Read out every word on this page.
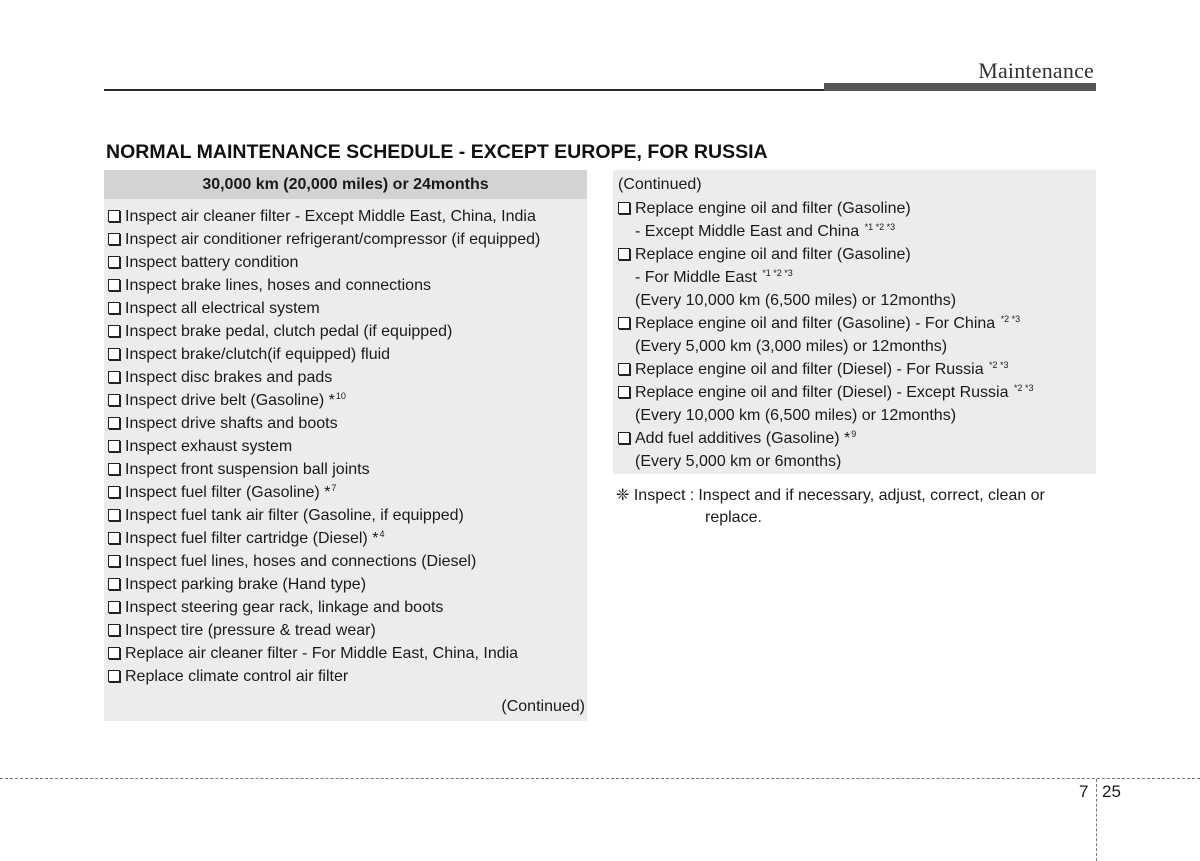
Maintenance
NORMAL MAINTENANCE SCHEDULE - EXCEPT EUROPE, FOR RUSSIA
30,000 km (20,000 miles) or 24months
Inspect air cleaner filter - Except Middle East, China, India
Inspect air conditioner refrigerant/compressor (if equipped)
Inspect battery condition
Inspect brake lines, hoses and connections
Inspect all electrical system
Inspect brake pedal, clutch pedal (if equipped)
Inspect brake/clutch(if equipped) fluid
Inspect disc brakes and pads
Inspect drive belt (Gasoline) *$^{10}$
Inspect drive shafts and boots
Inspect exhaust system
Inspect front suspension ball joints
Inspect fuel filter (Gasoline) *$^7$
Inspect fuel tank air filter (Gasoline, if equipped)
Inspect fuel filter cartridge (Diesel) *$^4$
Inspect fuel lines, hoses and connections (Diesel)
Inspect parking brake (Hand type)
Inspect steering gear rack, linkage and boots
Inspect tire (pressure & tread wear)
Replace air cleaner filter - For Middle East, China, India
Replace climate control air filter
(Continued)
(Continued)
Replace engine oil and filter (Gasoline)
- Except Middle East and China $^{*1 *2 *3}$
Replace engine oil and filter (Gasoline)
- For Middle East $^{*1 *2 *3}$
(Every 10,000 km (6,500 miles) or 12months)
Replace engine oil and filter (Gasoline) - For China $^{*2 *3}$
(Every 5,000 km (3,000 miles) or 12months)
Replace engine oil and filter (Diesel) - For Russia $^{*2 *3}$
Replace engine oil and filter (Diesel) - Except Russia $^{*2 *3}$
(Every 10,000 km (6,500 miles) or 12months)
Add fuel additives (Gasoline) *$^9$
(Every 5,000 km or 6months)
❈ Inspect : Inspect and if necessary, adjust, correct, clean or
replace.
7 25
